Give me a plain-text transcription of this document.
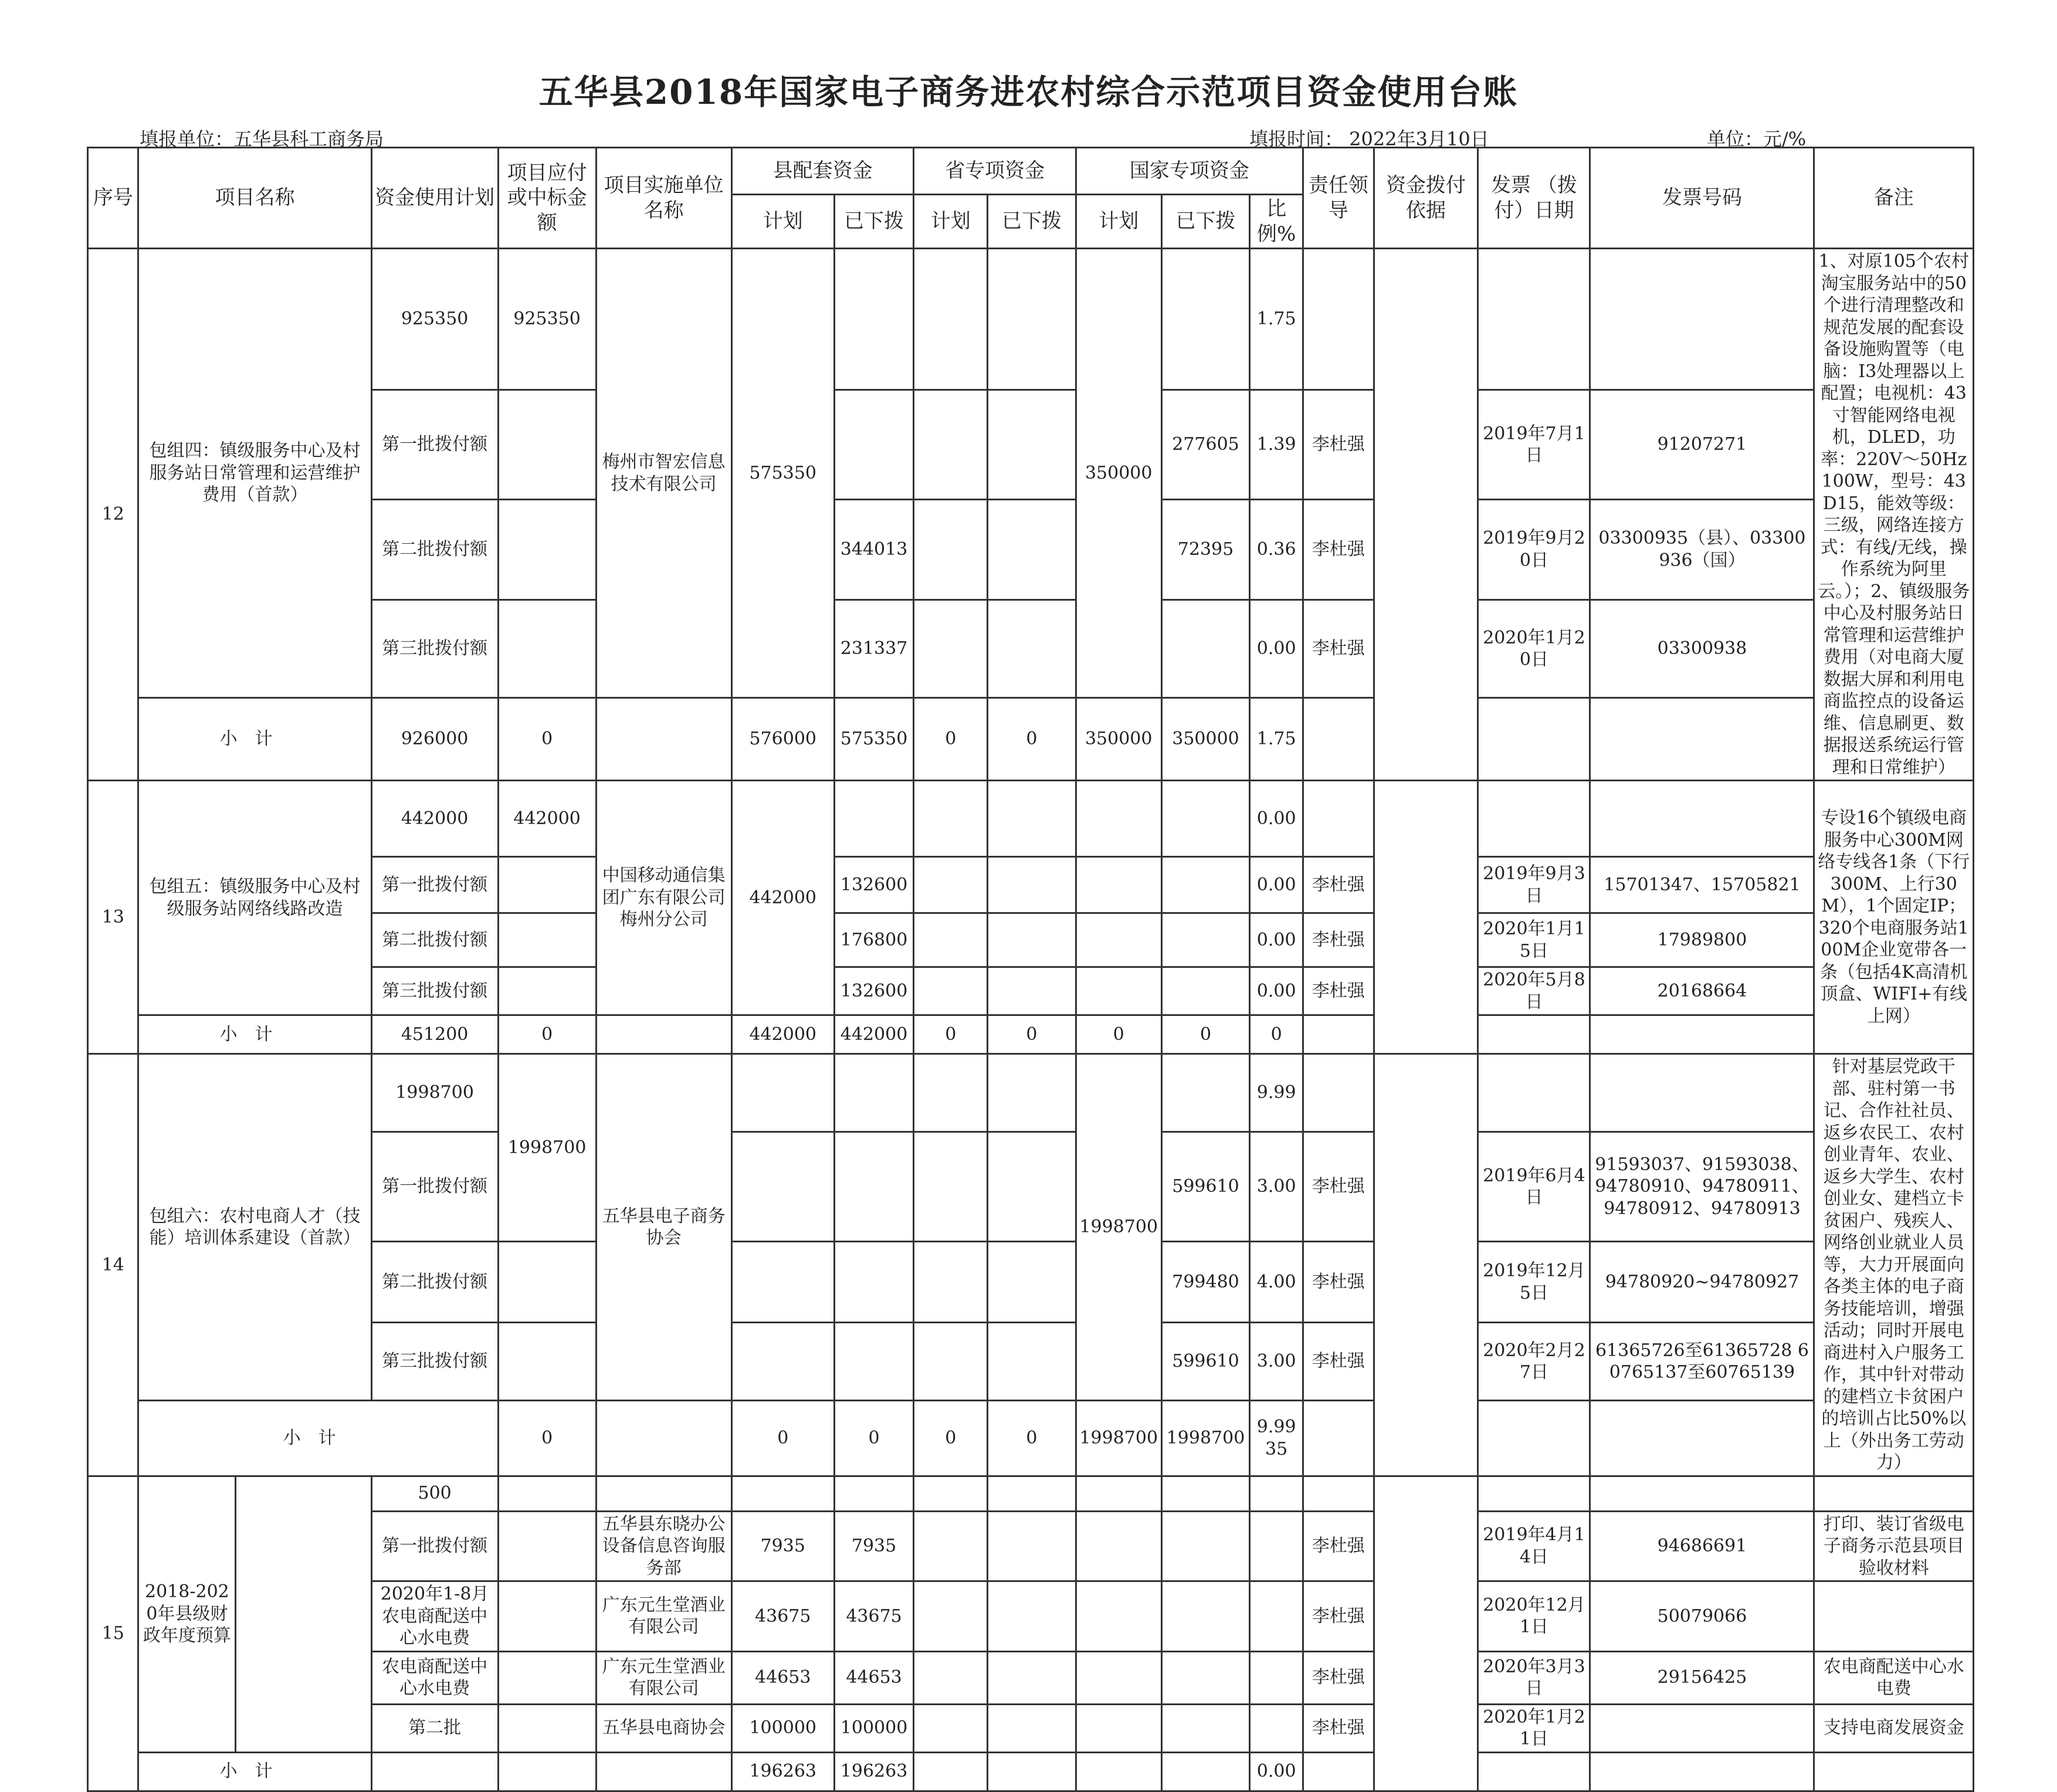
五华县2018年国家电子商务进农村综合示范项目资金使用台账
填报单位：五华县科工商务局	填报时间： 2022年3月10日	单位：元/%
序号	项目名称		资金使用计划	项目应付或中标金额	项目实施单位名称	县配套资金		省专项资金		国家专项资金			责任领导	资金拨付依据	发票 （拨付）日期	发票号码	备注
						计划	已下拨	计划	已下拨	计划	已下拨	比例%					
12	包组四：镇级服务中心及村服务站日常管理和运营维护费用（首款）		925350	925350	梅州市智宏信息技术有限公司	575350				350000		1.75					1、对原105个农村淘宝服务站中的50个进行清理整改和规范发展的配套设备设施购置等（电脑：I3处理器以上配置；电视机：43寸智能网络电视机，DLED，功率：220V～50Hz 100W，型号：43D15，能效等级：三级，网络连接方式：有线/无线，操作系统为阿里云。）；2、镇级服务中心及村服务站日常管理和运营维护费用（对电商大厦数据大屏和利用电商监控点的设备运维、信息刷更、数据报送系统运行管理和日常维护）
			第一批拨付额								277605	1.39	李杜强		2019年7月1日	91207271	
			第二批拨付额				344013				72395	0.36	李杜强		2019年9月20日	03300935（县）、03300936（国）	
			第三批拨付额				231337					0.00	李杜强		2020年1月20日	03300938	
	小计		926000	0		576000	575350	0	0	350000	350000	1.75					
13	包组五：镇级服务中心及村级服务站网络线路改造		442000	442000	中国移动通信集团广东有限公司梅州分公司	442000						0.00					专设16个镇级电商服务中心300M网络专线各1条（下行300M、上行30M），1个固定IP；320个电商服务站100M企业宽带各一条（包括4K高清机顶盒、WIFI+有线上网）
			第一批拨付额				132600					0.00	李杜强		2019年9月3日	15701347、15705821	
			第二批拨付额				176800					0.00	李杜强		2020年1月15日	17989800	
			第三批拨付额				132600					0.00	李杜强		2020年5月8日	20168664	
	小计		451200	0		442000	442000	0	0	0	0	0					
14	包组六：农村电商人才（技能）培训体系建设（首款）		1998700	1998700	五华县电子商务协会					1998700		9.99					针对基层党政干部、驻村第一书记、合作社社员、返乡农民工、农村创业青年、农业、返乡大学生、农村创业女、建档立卡贫困户、残疾人、网络创业就业人员等，大力开展面向各类主体的电子商务技能培训，增强活动；同时开展电商进村入户服务工作，其中针对带动的建档立卡贫困户的培训占比50%以上（外出务工劳动力）
			第一批拨付额								599610	3.00	李杜强		2019年6月4日	91593037、91593038、94780910、94780911、94780912、94780913	
			第二批拨付额								799480	4.00	李杜强		2019年12月5日	94780920~94780927	
			第三批拨付额								599610	3.00	李杜强		2020年2月27日	61365726至61365728 60765137至60765139	
	小计			0		0	0	0	0	1998700	1998700	9.9935					
15	2018-2020年县级财政年度预算		500														
			第一批拨付额		五华县东晓办公设备信息咨询服务部	7935	7935						李杜强		2019年4月14日	94686691	打印、装订省级电子商务示范县项目验收材料
			2020年1-8月农电商配送中心水电费		广东元生堂酒业有限公司	43675	43675						李杜强		2020年12月1日	50079066	
			农电商配送中心水电费		广东元生堂酒业有限公司	44653	44653						李杜强		2020年3月3日	29156425	农电商配送中心水电费
			第二批		五华县电商协会	100000	100000						李杜强		2020年1月21日		支持电商发展资金
	小计					196263	196263					0.00					
